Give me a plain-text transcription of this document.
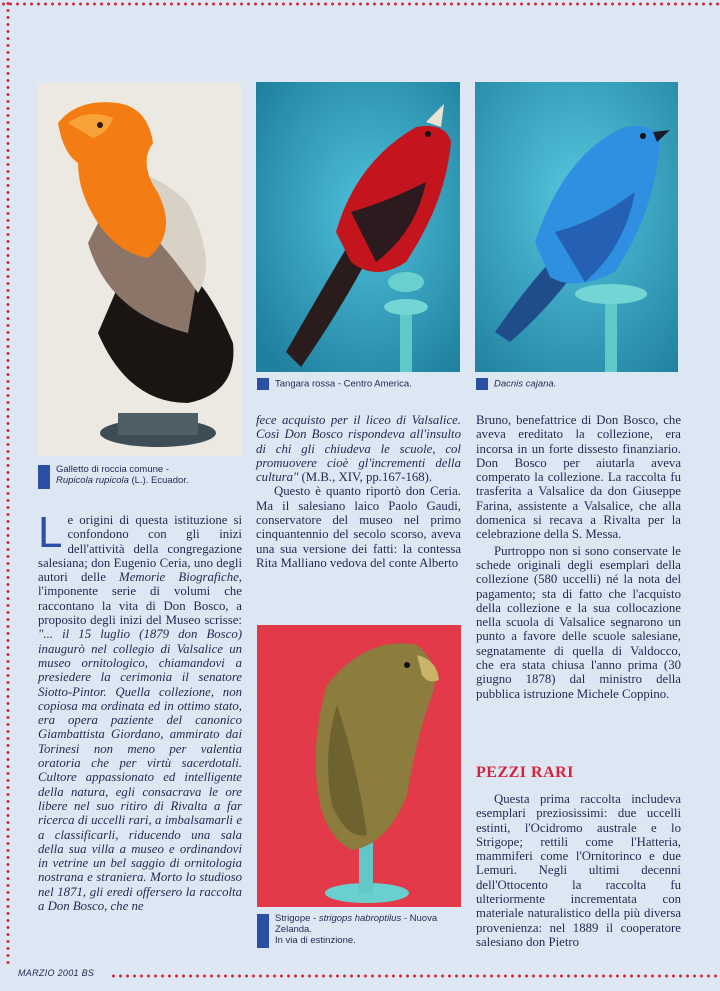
MARZIO 2001 BS
Galletto di roccia comune -
Rupicola rupicola (L.). Ecuador.
Tangara rossa - Centro America.	Dacnis cajana.
Strigope - strigops habroptilus - Nuova Zelanda.
In via di estinzione.

Le origini di questa istituzione si confondono con gli inizi dell'attività della congregazione salesiana; don Eugenio Ceria, uno degli autori delle Memorie Biografiche, l'imponente serie di volumi che raccontano la vita di Don Bosco, a proposito degli inizi del Museo scrisse: "... il 15 luglio (1879 don Bosco) inaugurò nel collegio di Valsalice un museo ornitologico, chiamandovi a presiedere la cerimonia il senatore Siotto-Pintor. Quella collezione, non copiosa ma ordinata ed in ottimo stato, era opera paziente del canonico Giambattista Giordano, ammirato dai Torinesi non meno per valentia oratoria che per virtù sacerdotali. Cultore appassionato ed intelligente della natura, egli consacrava le ore libere nel suo ritiro di Rivalta a far ricerca di uccelli rari, a imbalsamarli e a classificarli, riducendo una sala della sua villa a museo e ordinandovi in vetrine un bel saggio di ornitologia nostrana e straniera. Morto lo studioso nel 1871, gli eredi offersero la raccolta a Don Bosco, che ne

fece acquisto per il liceo di Valsalice. Così Don Bosco rispondeva all'insulto di chi gli chiudeva le scuole, col promuovere cioè gl'incrementi della cultura" (M.B., XIV, pp.167-168).

Questo è quanto riportò don Ceria. Ma il salesiano laico Paolo Gaudi, conservatore del museo nel primo cinquantennio del secolo scorso, aveva una sua versione dei fatti: la contessa Rita Malliano vedova del conte Alberto

Bruno, benefattrice di Don Bosco, che aveva ereditato la collezione, era incorsa in un forte dissesto finanziario. Don Bosco per aiutarla aveva comperato la collezione. La raccolta fu trasferita a Valsalice da don Giuseppe Farina, assistente a Valsalice, che alla domenica si recava a Rivalta per la celebrazione della S. Messa.

Purtroppo non si sono conservate le schede originali degli esemplari della collezione (580 uccelli) né la nota del pagamento; sta di fatto che l'acquisto della collezione e la sua collocazione nella scuola di Valsalice segnarono un punto a favore delle scuole salesiane, segnatamente di quella di Valdocco, che era stata chiusa l'anno prima (30 giugno 1878) dal ministro della pubblica istruzione Michele Coppino.

PEZZI RARI

Questa prima raccolta includeva esemplari preziosissimi: due uccelli estinti, l'Ocidromo australe e lo Strigope; rettili come l'Hatteria, mammiferi come l'Ornitorinco e due Lemuri. Negli ultimi decenni dell'Ottocento la raccolta fu ulteriormente incrementata con materiale naturalistico della più diversa provenienza: nel 1889 il cooperatore salesiano don Pietro
